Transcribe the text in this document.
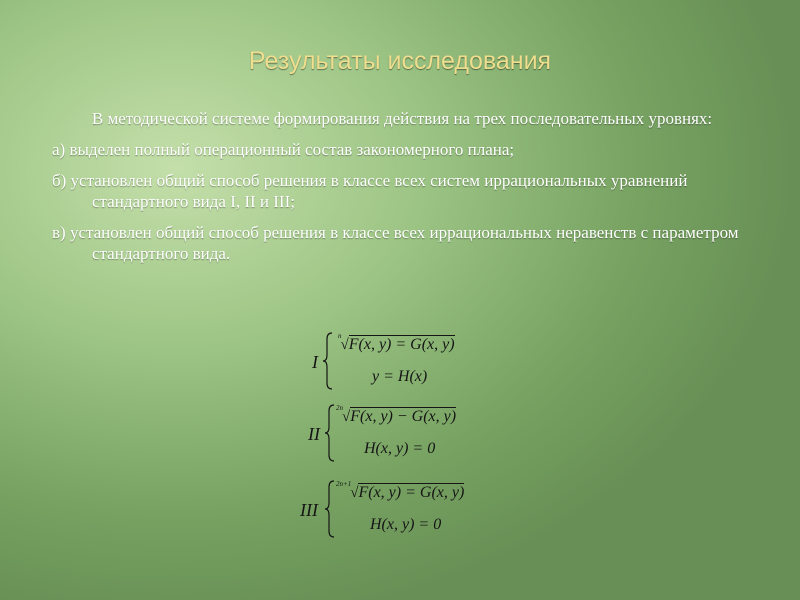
Результаты исследования
В методической системе формирования действия на трех последовательных уровнях:
а) выделен полный операционный состав закономерного плана;
б) установлен общий способ решения в классе всех систем иррациональных уравнений стандартного вида I, II и III;
в) установлен общий способ решения в классе всех иррациональных неравенств с параметром стандартного вида.
I
$^n$√F(x, y) = G(x, y)
y = H(x)
II
$^{2n}$√F(x, y) − G(x, y)
H(x, y) = 0
III
$^{2n+1}$√F(x, y) = G(x, y)
H(x, y) = 0
